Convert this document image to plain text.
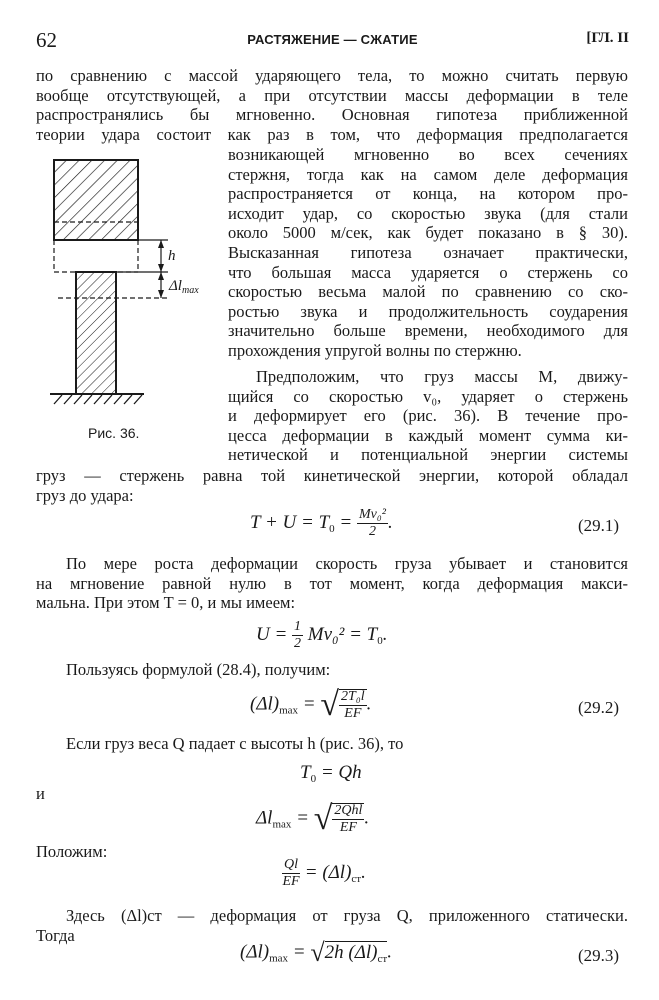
62	РАСТЯЖЕНИЕ — СЖАТИЕ	[ГЛ. II
по сравнению с массой ударяющего тела, то можно считать первую
вообще отсутствующей, а при отсутствии массы деформации в теле
распространялись бы мгновенно. Основная гипотеза приближенной
теории удара состоит как раз в том, что деформация предполагается
возникающей мгновенно во всех сечениях
стержня, тогда как на самом деле деформация
распространяется от конца, на котором про-
исходит удар, со скоростью звука (для стали
около 5000 м/сек, как будет показано в § 30).
Высказанная гипотеза означает практически,
что большая масса ударяется о стержень со
скоростью весьма малой по сравнению со ско-
ростью звука и продолжительность соударения
значительно больше времени, необходимого для
прохождения упругой волны по стержню.
Предположим, что груз массы M, движу-
щийся со скоростью v₀, ударяет о стержень
и деформирует его (рис. 36). В течение про-
цесса деформации в каждый момент сумма ки-
нетической и потенциальной энергии системы
груз — стержень равна той кинетической энергии, которой обладал
груз до удара:
h
$\Delta l_{max}$
Рис. 36.
$T + U = T_0 = \frac{\text{Mv₀²}}{2}$ .	(29.1)
По мере роста деформации скорость груза убывает и становится
на мгновение равной нулю в тот момент, когда деформация макси-
мальна. При этом T = 0, и мы имеем:
$U = \frac{1}{2} Mv_0^2 = T_0$.
Пользуясь формулой (28.4), получим:
$(\Delta l)_{max}$ = √ $\frac{\text{2T₀l}}{EF}$ .	(29.2)
Если груз веса Q падает с высоты h (рис. 36), то
$T_0 = Qh$
и
$\Delta l_{max}$ = √ $\frac{\text{2Qhl}}{EF}$ .
Положим:
$\frac{Ql}{EF} = (\Delta l)_{ст}$.
Здесь (Δl)ст — деформация от груза Q, приложенного статически.
Тогда
$(\Delta l)_{max} = √2h$ $(\Delta l)_{ст}$.	(29.3)
